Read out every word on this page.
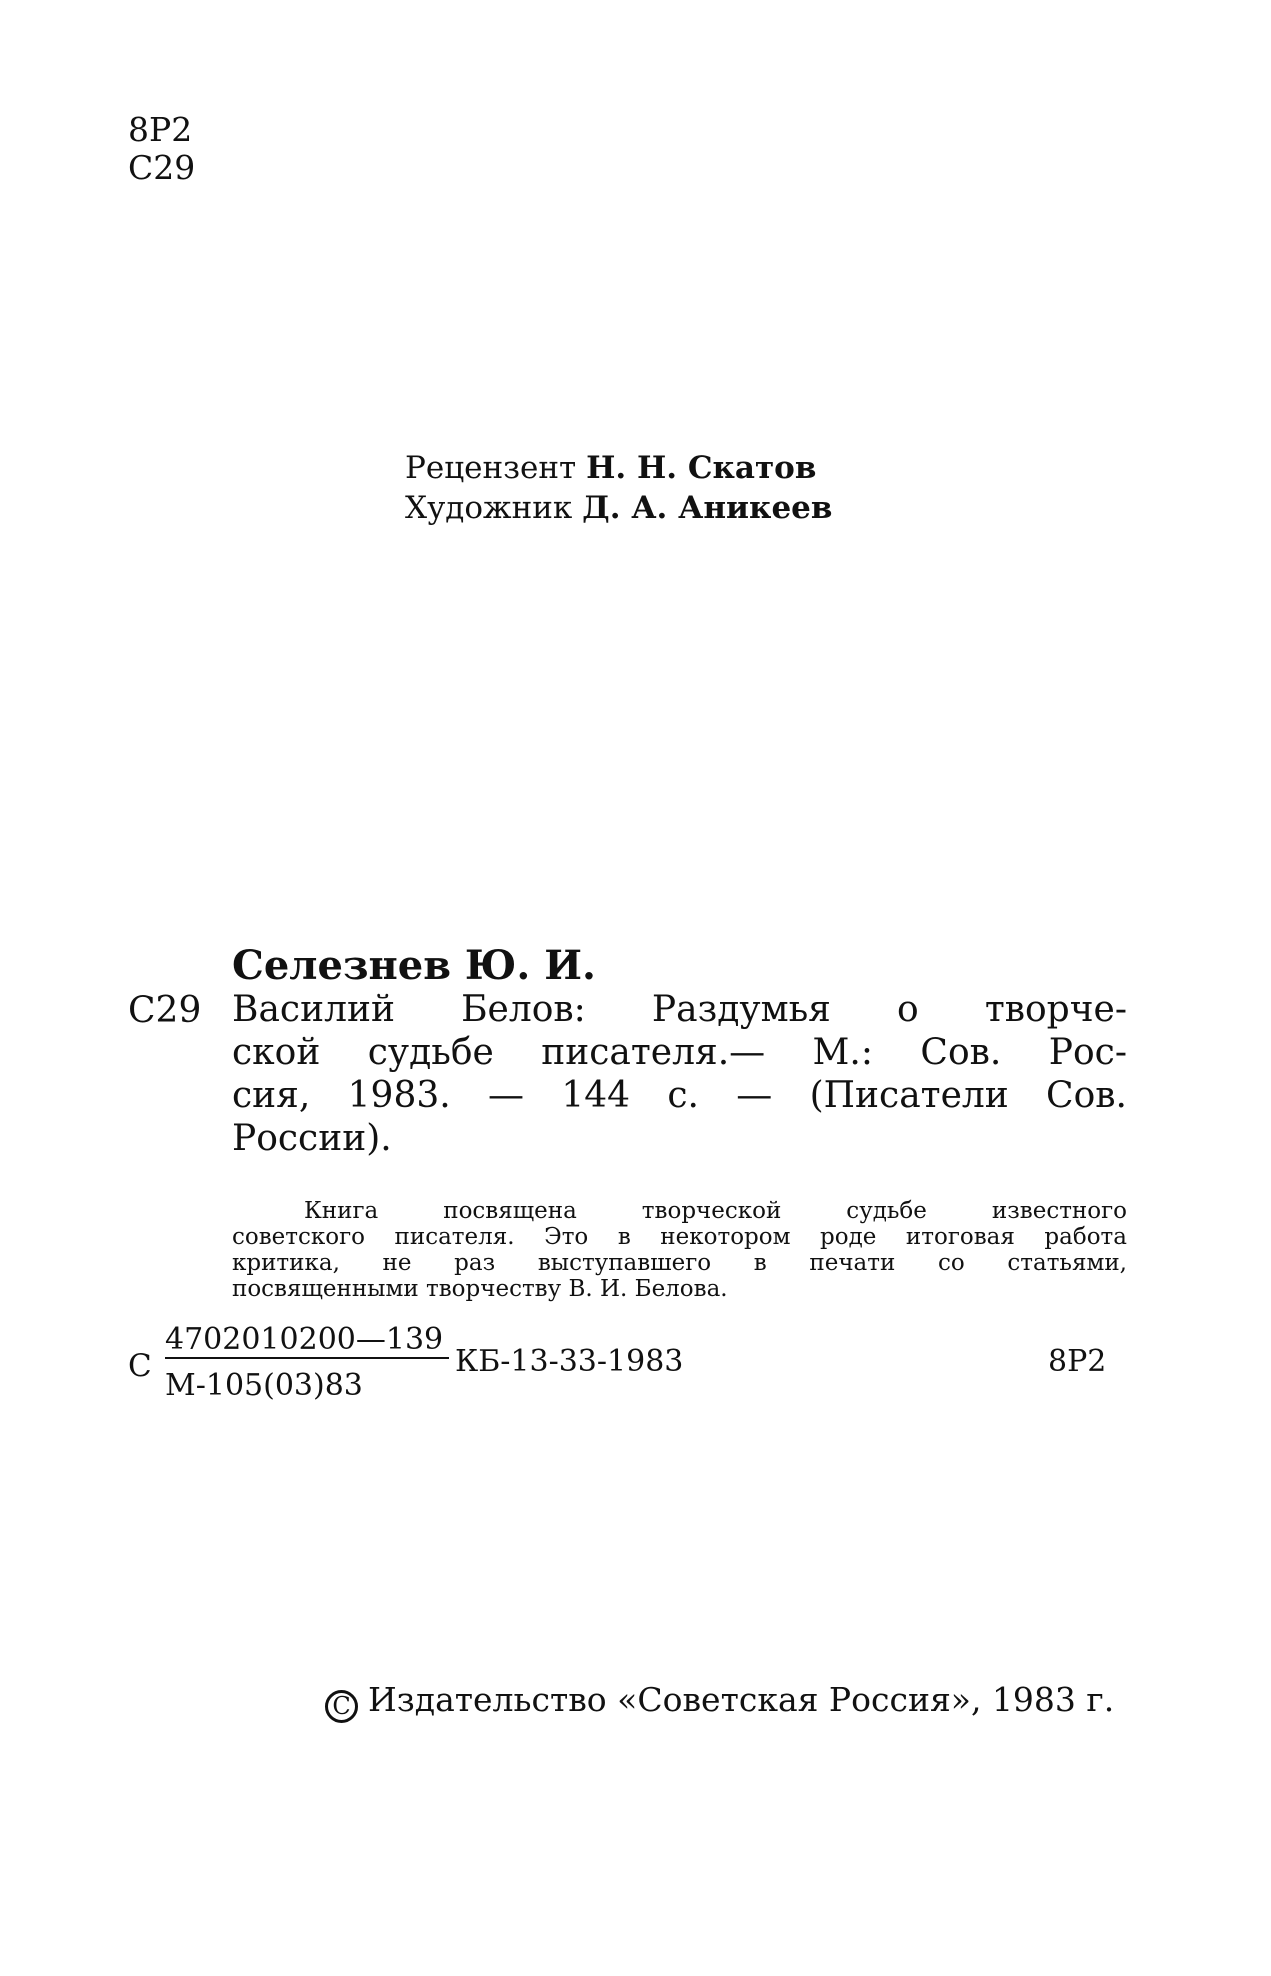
8Р2
С29
Рецензент Н. Н. Скатов
Художник Д. А. Аникеев
Селезнев Ю. И.
С29 Василий Белов: Раздумья о творче-
ской судьбе писателя.— М.: Сов. Рос-
сия, 1983. — 144 с. — (Писатели Сов.
России).
Книга посвящена творческой судьбе известного
советского писателя. Это в некотором роде итоговая работа
критика, не раз выступавшего в печати со статьями,
посвященными творчеству В. И. Белова.
С
4702010200—139
М-105(03)83
КБ-13-33-1983	8Р2
C Издательство «Советская Россия», 1983 г.
